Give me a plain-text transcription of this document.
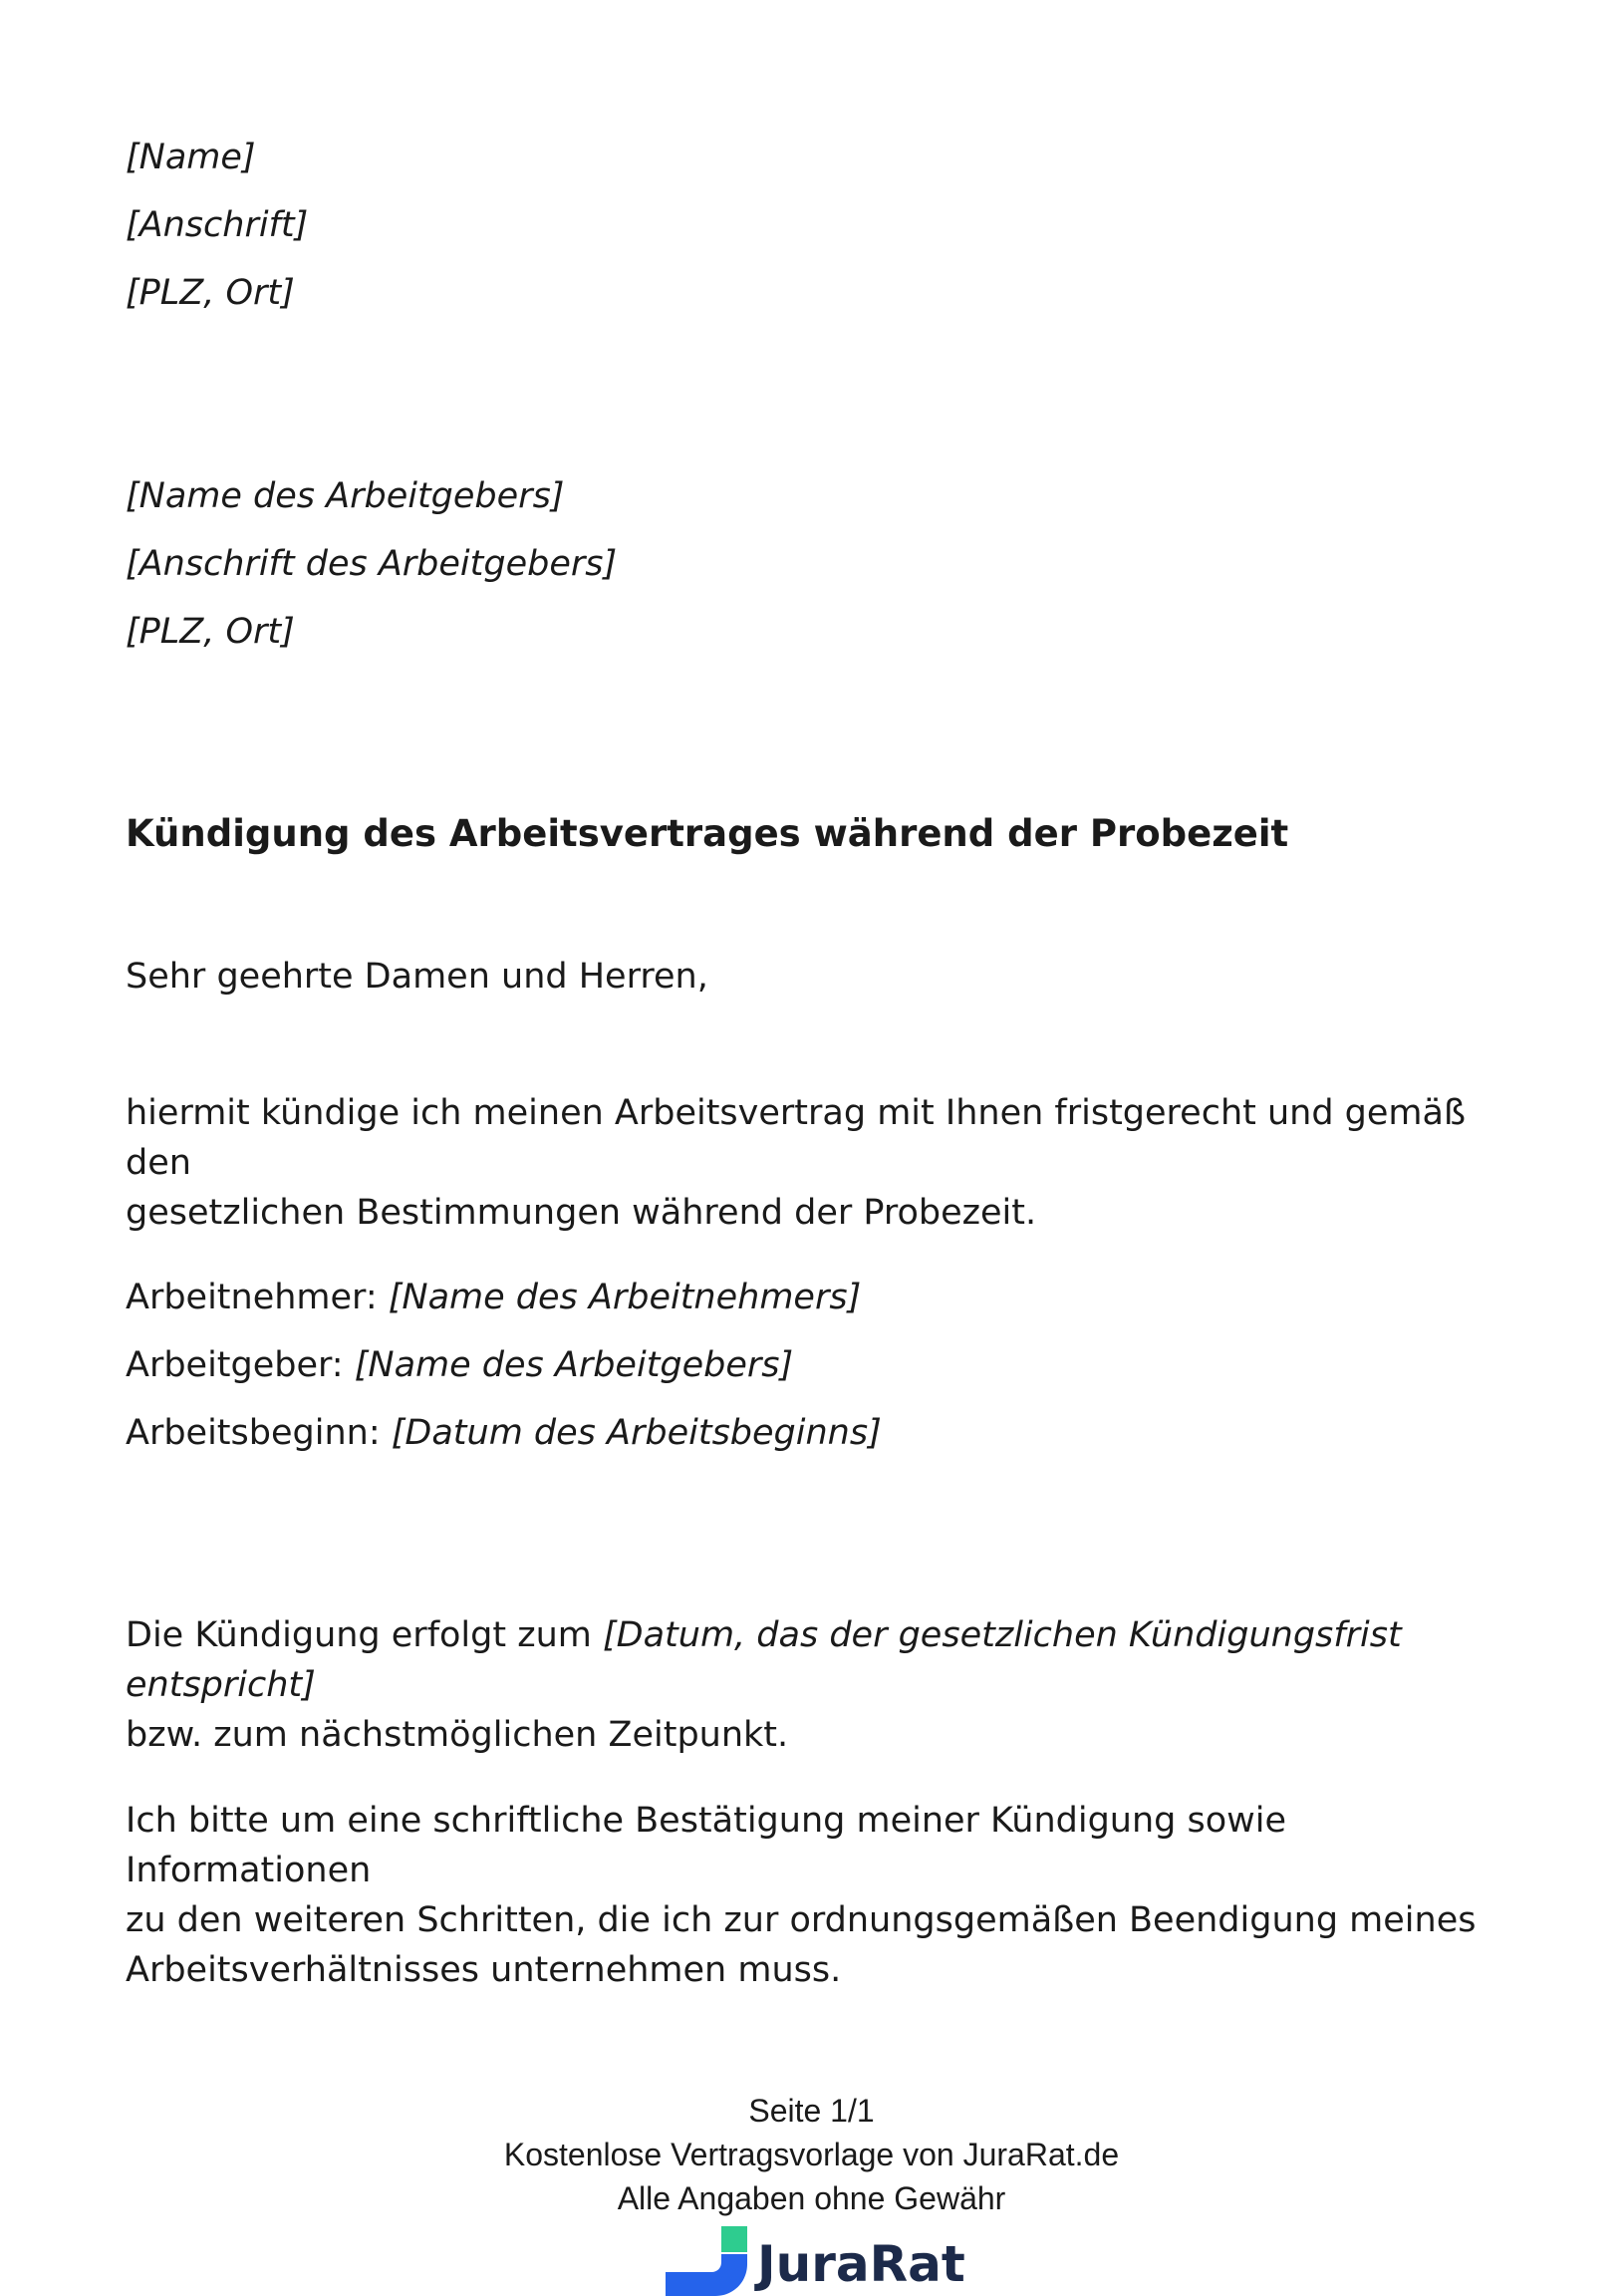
[Name]
[Anschrift]
[PLZ, Ort]
[Name des Arbeitgebers]
[Anschrift des Arbeitgebers]
[PLZ, Ort]
Kündigung des Arbeitsvertrages während der Probezeit
Sehr geehrte Damen und Herren,
hiermit kündige ich meinen Arbeitsvertrag mit Ihnen fristgerecht und gemäß den
gesetzlichen Bestimmungen während der Probezeit.
Arbeitnehmer: [Name des Arbeitnehmers]
Arbeitgeber: [Name des Arbeitgebers]
Arbeitsbeginn: [Datum des Arbeitsbeginns]
Die Kündigung erfolgt zum [Datum, das der gesetzlichen Kündigungsfrist entspricht]
bzw. zum nächstmöglichen Zeitpunkt.
Ich bitte um eine schriftliche Bestätigung meiner Kündigung sowie Informationen
zu den weiteren Schritten, die ich zur ordnungsgemäßen Beendigung meines
Arbeitsverhältnisses unternehmen muss.
Seite 1/1
Kostenlose Vertragsvorlage von JuraRat.de
Alle Angaben ohne Gewähr
JuraRat
